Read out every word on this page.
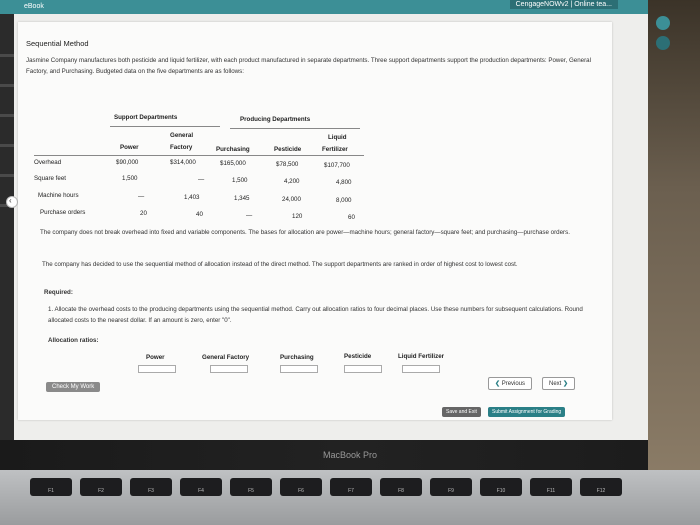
eBook	CengageNOWv2 | Online tea...
‹
Sequential Method
Jasmine Company manufactures both pesticide and liquid fertilizer, with each product manufactured in separate departments. Three support departments support the production departments: Power, General Factory, and Purchasing. Budgeted data on the five departments are as follows:
Support Departments	Producing Departments
General	Liquid
Power	Factory	Purchasing	Pesticide	Fertilizer
Overhead	$90,000	$314,000	$165,000	$78,500	$107,700
Square feet	1,500	—	1,500	4,200	4,800
Machine hours	—	1,403	1,345	24,000	8,000
Purchase orders	20	40	—	120	60
The company does not break overhead into fixed and variable components. The bases for allocation are power—machine hours; general factory—square feet; and purchasing—purchase orders.
The company has decided to use the sequential method of allocation instead of the direct method. The support departments are ranked in order of highest cost to lowest cost.
Required:
1. Allocate the overhead costs to the producing departments using the sequential method. Carry out allocation ratios to four decimal places. Use these numbers for subsequent calculations. Round allocated costs to the nearest dollar. If an amount is zero, enter "0".
Allocation ratios:
Power	General Factory	Purchasing	Pesticide	Liquid Fertilizer
Check My Work	❮ Previous	Next ❯
Save and Exit	Submit Assignment for Grading
MacBook Pro
F1	F2	F3	F4	F5	F6	F7	F8	F9	F10	F11	F12
